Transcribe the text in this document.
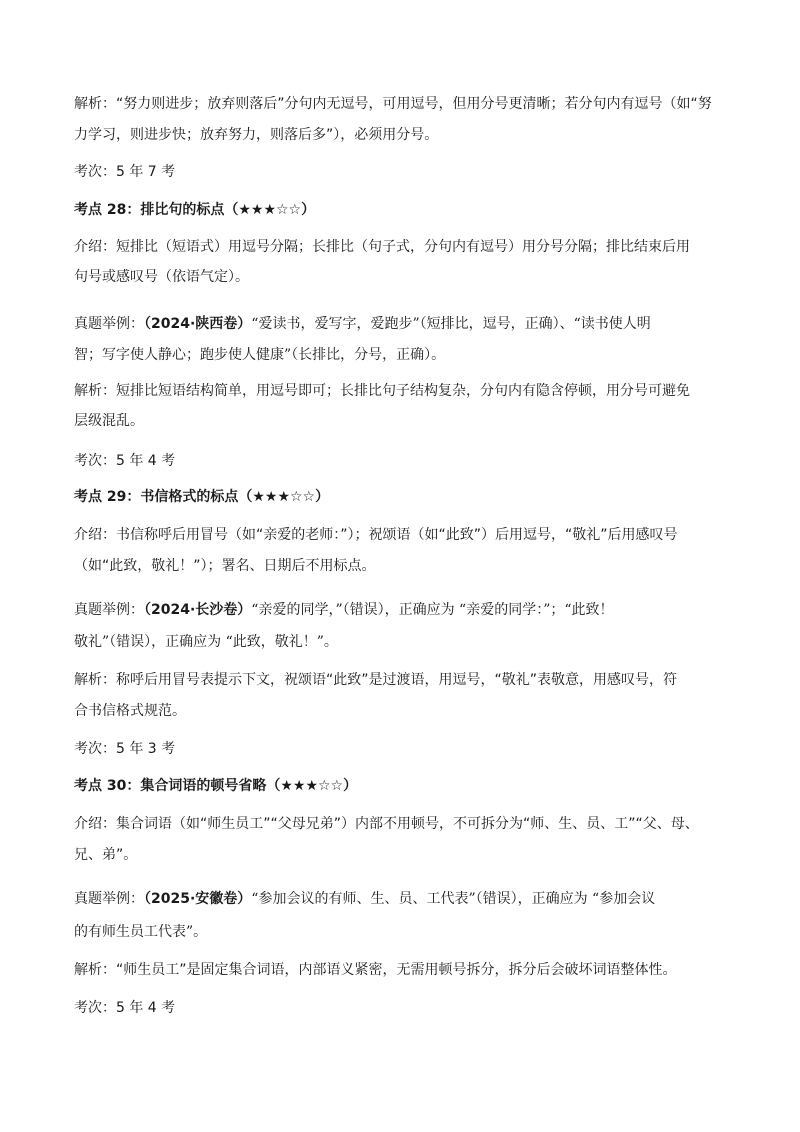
解析：“努力则进步；放弃则落后”分句内无逗号，可用逗号，但用分号更清晰；若分句内有逗号（如“努
力学习，则进步快；放弃努力，则落后多”），必须用分号。
考次：5 年 7 考
考点 28：排比句的标点（★★★☆☆）
介绍：短排比（短语式）用逗号分隔；长排比（句子式，分句内有逗号）用分号分隔；排比结束后用
句号或感叹号（依语气定）。
真题举例：（2024·陕西卷）“爱读书，爱写字，爱跑步”（短排比，逗号，正确）、“读书使人明
智；写字使人静心；跑步使人健康”（长排比，分号，正确）。
解析：短排比短语结构简单，用逗号即可；长排比句子结构复杂，分句内有隐含停顿，用分号可避免
层级混乱。
考次：5 年 4 考
考点 29：书信格式的标点（★★★☆☆）
介绍：书信称呼后用冒号（如“亲爱的老师：”）；祝颂语（如“此致”）后用逗号，“敬礼”后用感叹号
（如“此致，敬礼！”）；署名、日期后不用标点。
真题举例：（2024·长沙卷）“亲爱的同学，”（错误），正确应为 “亲爱的同学：”；“此致！
敬礼”（错误），正确应为 “此致，敬礼！”。
解析：称呼后用冒号表提示下文，祝颂语“此致”是过渡语，用逗号，“敬礼”表敬意，用感叹号，符
合书信格式规范。
考次：5 年 3 考
考点 30：集合词语的顿号省略（★★★☆☆）
介绍：集合词语（如“师生员工”“父母兄弟”）内部不用顿号，不可拆分为“师、生、员、工”“父、母、
兄、弟”。
真题举例：（2025·安徽卷）“参加会议的有师、生、员、工代表”（错误），正确应为 “参加会议
的有师生员工代表”。
解析：“师生员工”是固定集合词语，内部语义紧密，无需用顿号拆分，拆分后会破坏词语整体性。
考次：5 年 4 考
